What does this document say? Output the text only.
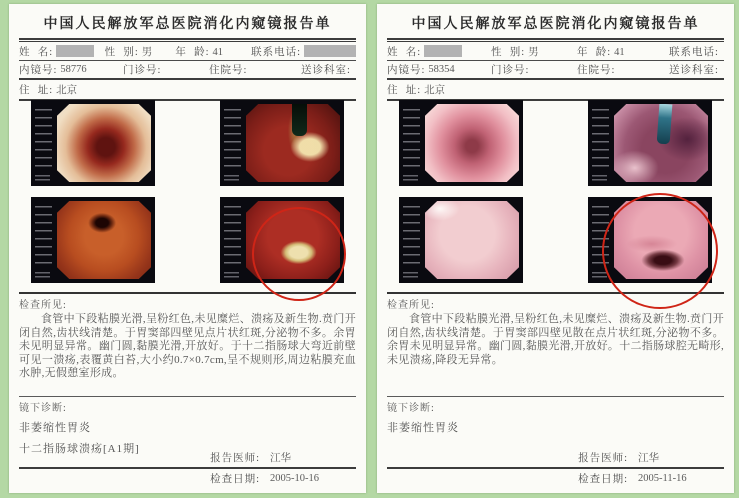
中国人民解放军总医院消化内窥镜报告单
姓  名:	性  别: 男	年  龄: 41	联系电话:
内镜号: 58776	门诊号:	住院号:	送诊科室:
住  址: 北京
检查所见:

食管中下段粘膜光滑,呈粉红色,未见糜烂、溃疡及新生物.贲门开闭自然,齿状线清楚。于胃窦部四壁见点片状红斑,分泌物不多。余胃未见明显异常。幽门圆,黏膜光滑,开放好。于十二指肠球大弯近前壁可见一溃疡,表覆黄白苔,大小约0.7×0.7cm,呈不规则形,周边粘膜充血水肿,无假憩室形成。

镜下诊断:
非萎缩性胃炎
十二指肠球溃疡[A1期]
报告医师: 江华
检查日期: 2005-10-16
中国人民解放军总医院消化内窥镜报告单
姓  名:	性  别: 男	年  龄: 41	联系电话:
内镜号: 58354	门诊号:	住院号:	送诊科室:
住  址: 北京
检查所见:

食管中下段粘膜光滑,呈粉红色,未见糜烂、溃疡及新生物.贲门开闭自然,齿状线清楚。于胃窦部四壁见散在点片状红斑,分泌物不多。余胃未见明显异常。幽门圆,黏膜光滑,开放好。十二指肠球腔无畸形,未见溃疡,降段无异常。

镜下诊断:
非萎缩性胃炎
报告医师: 江华
检查日期: 2005-11-16
